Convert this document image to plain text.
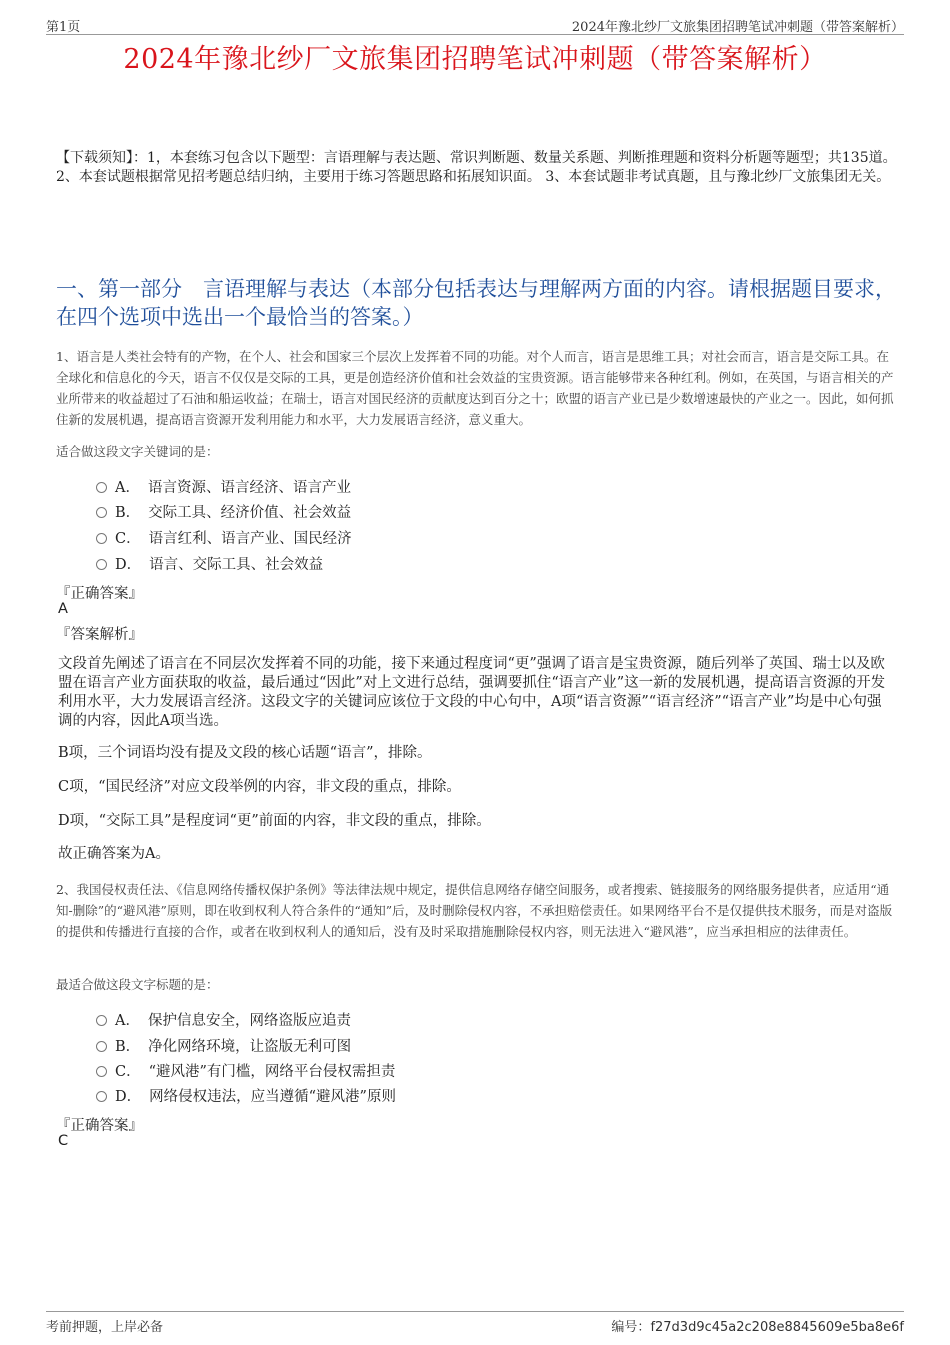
第1页	2024年豫北纱厂文旅集团招聘笔试冲刺题（带答案解析）
2024年豫北纱厂文旅集团招聘笔试冲刺题（带答案解析）
【下载须知】：1，本套练习包含以下题型：言语理解与表达题、常识判断题、数量关系题、判断推理题和资料分析题等题型；共135道。 2、本套试题根据常见招考题总结归纳，主要用于练习答题思路和拓展知识面。 3、本套试题非考试真题，且与豫北纱厂文旅集团无关。
一、第一部分　言语理解与表达（本部分包括表达与理解两方面的内容。请根据题目要求，在四个选项中选出一个最恰当的答案。）
1、语言是人类社会特有的产物，在个人、社会和国家三个层次上发挥着不同的功能。对个人而言，语言是思维工具；对社会而言，语言是交际工具。在全球化和信息化的今天，语言不仅仅是交际的工具，更是创造经济价值和社会效益的宝贵资源。语言能够带来各种红利。例如，在英国，与语言相关的产业所带来的收益超过了石油和船运收益；在瑞士，语言对国民经济的贡献度达到百分之十；欧盟的语言产业已是少数增速最快的产业之一。因此，如何抓住新的发展机遇，提高语言资源开发利用能力和水平，大力发展语言经济，意义重大。
适合做这段文字关键词的是：
A． 语言资源、语言经济、语言产业
B． 交际工具、经济价值、社会效益
C． 语言红利、语言产业、国民经济
D． 语言、交际工具、社会效益
『正确答案』
A
『答案解析』
文段首先阐述了语言在不同层次发挥着不同的功能，接下来通过程度词“更”强调了语言是宝贵资源，随后列举了英国、瑞士以及欧盟在语言产业方面获取的收益，最后通过“因此”对上文进行总结，强调要抓住“语言产业”这一新的发展机遇，提高语言资源的开发利用水平，大力发展语言经济。这段文字的关键词应该位于文段的中心句中，A项“语言资源”“语言经济”“语言产业”均是中心句强调的内容，因此A项当选。
B项，三个词语均没有提及文段的核心话题“语言”，排除。
C项，“国民经济”对应文段举例的内容，非文段的重点，排除。
D项，“交际工具”是程度词“更”前面的内容，非文段的重点，排除。
故正确答案为A。
2、我国侵权责任法、《信息网络传播权保护条例》等法律法规中规定，提供信息网络存储空间服务，或者搜索、链接服务的网络服务提供者，应适用“通知-删除”的“避风港”原则，即在收到权利人符合条件的“通知”后，及时删除侵权内容，不承担赔偿责任。如果网络平台不是仅提供技术服务，而是对盗版的提供和传播进行直接的合作，或者在收到权利人的通知后，没有及时采取措施删除侵权内容，则无法进入“避风港”，应当承担相应的法律责任。
最适合做这段文字标题的是：
A． 保护信息安全，网络盗版应追责
B． 净化网络环境，让盗版无利可图
C． “避风港”有门槛，网络平台侵权需担责
D． 网络侵权违法，应当遵循“避风港”原则
『正确答案』
C
考前押题，上岸必备	编号：f27d3d9c45a2c208e8845609e5ba8e6f
